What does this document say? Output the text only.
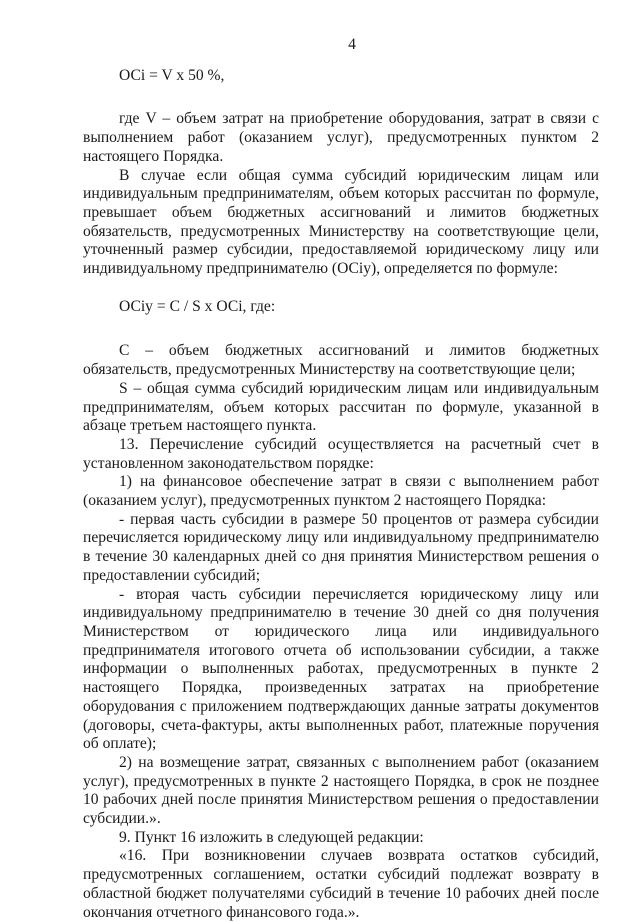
4

ОСi = V x 50 %,

где V – объем затрат на приобретение оборудования, затрат в связи с выполнением работ (оказанием услуг), предусмотренных пунктом 2 настоящего Порядка.

В случае если общая сумма субсидий юридическим лицам или индивидуальным предпринимателям, объем которых рассчитан по формуле, превышает объем бюджетных ассигнований и лимитов бюджетных обязательств, предусмотренных Министерству на соответствующие цели, уточненный размер субсидии, предоставляемой юридическому лицу или индивидуальному предпринимателю (ОСiу), определяется по формуле:

ОСiу = С / S x ОСi, где:

С – объем бюджетных ассигнований и лимитов бюджетных обязательств, предусмотренных Министерству на соответствующие цели;

S – общая сумма субсидий юридическим лицам или индивидуальным предпринимателям, объем которых рассчитан по формуле, указанной в абзаце третьем настоящего пункта.

13. Перечисление субсидий осуществляется на расчетный счет в установленном законодательством порядке:

1) на финансовое обеспечение затрат в связи с выполнением работ (оказанием услуг), предусмотренных пунктом 2 настоящего Порядка:

- первая часть субсидии в размере 50 процентов от размера субсидии перечисляется юридическому лицу или индивидуальному предпринимателю в течение 30 календарных дней со дня принятия Министерством решения о предоставлении субсидий;

- вторая часть субсидии перечисляется юридическому лицу или индивидуальному предпринимателю в течение 30 дней со дня получения Министерством от юридического лица или индивидуального предпринимателя итогового отчета об использовании субсидии, а также информации о выполненных работах, предусмотренных в пункте 2 настоящего Порядка, произведенных затратах на приобретение оборудования с приложением подтверждающих данные затраты документов (договоры, счета-фактуры, акты выполненных работ, платежные поручения об оплате);

2) на возмещение затрат, связанных с выполнением работ (оказанием услуг), предусмотренных в пункте 2 настоящего Порядка, в срок не позднее 10 рабочих дней после принятия Министерством решения о предоставлении субсидии.».

9. Пункт 16 изложить в следующей редакции:

«16. При возникновении случаев возврата остатков субсидий, предусмотренных соглашением, остатки субсидий подлежат возврату в областной бюджет получателями субсидий в течение 10 рабочих дней после окончания отчетного финансового года.».
